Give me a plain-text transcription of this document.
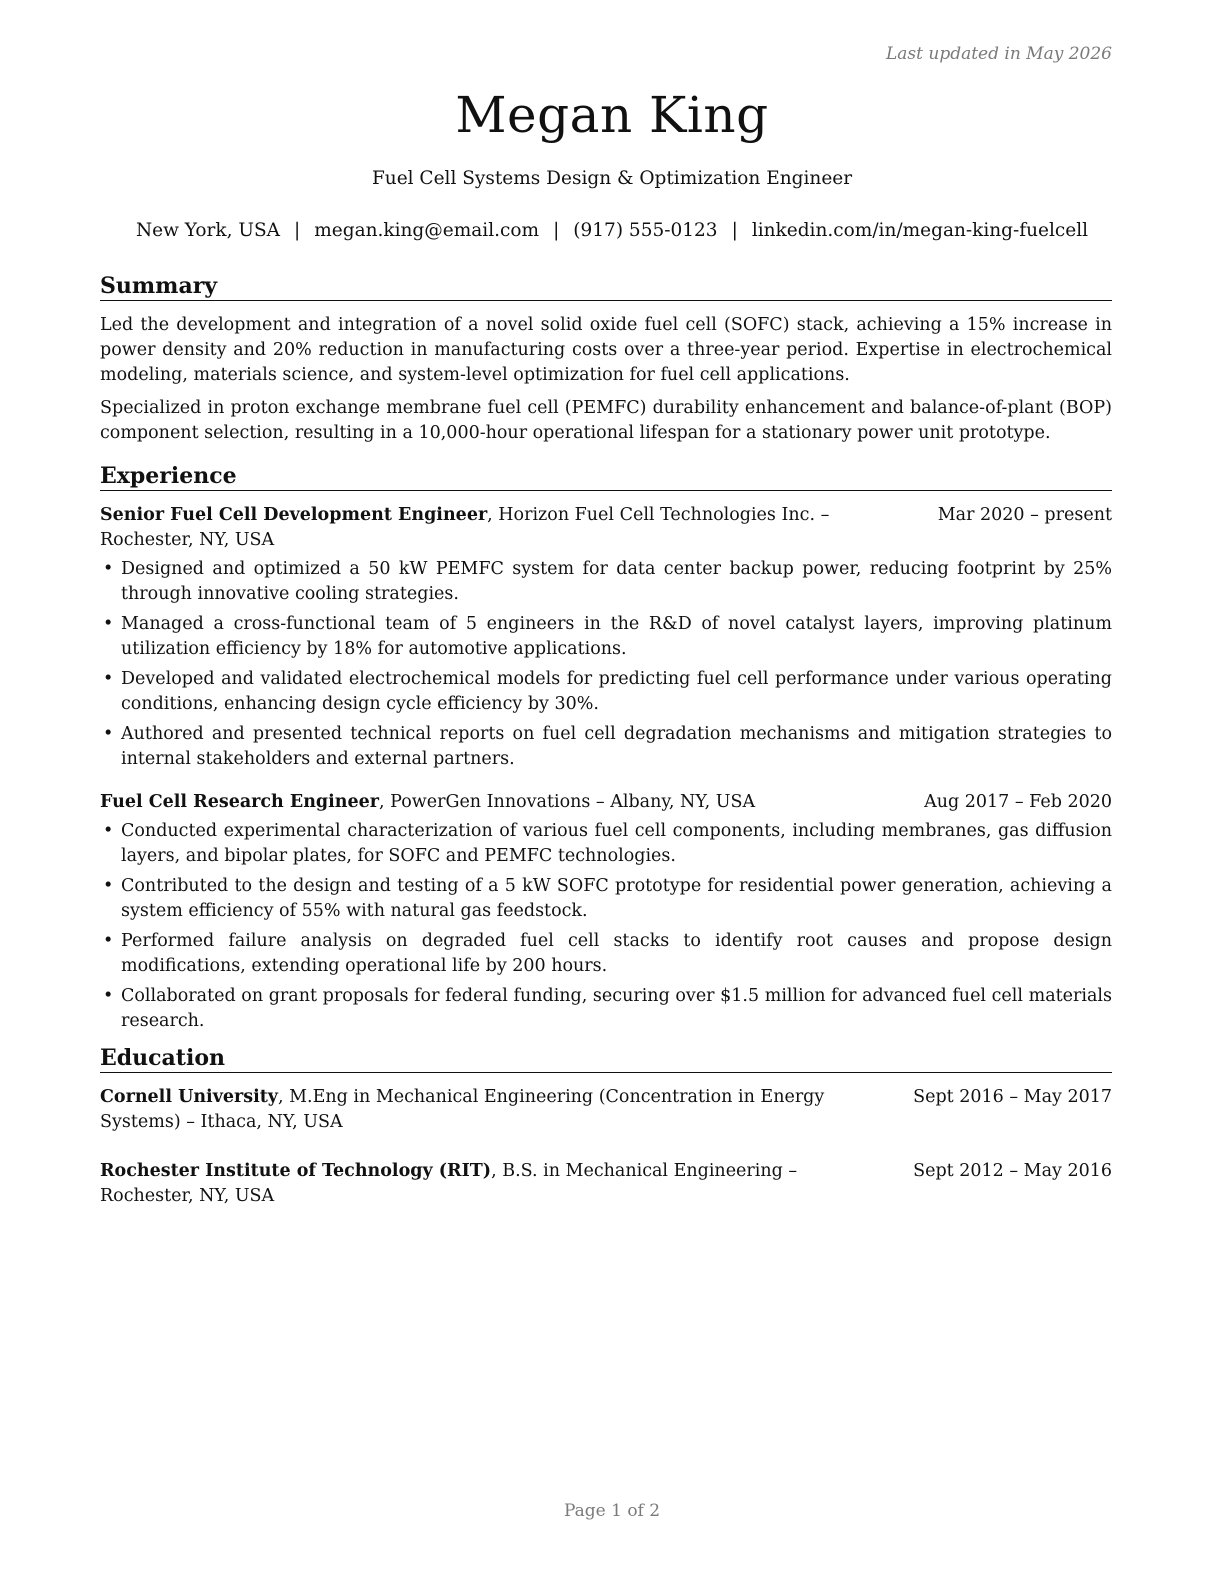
Last updated in May 2026
Megan King
Fuel Cell Systems Design & Optimization Engineer
New York, USA | megan.king@email.com | (917) 555-0123 | linkedin.com/in/megan-king-fuelcell
Summary

Led the development and integration of a novel solid oxide fuel cell (SOFC) stack, achieving a 15% increase in power density and 20% reduction in manufacturing costs over a three-year period. Expertise in electrochemical modeling, materials science, and system-level optimization for fuel cell applications.

Specialized in proton exchange membrane fuel cell (PEMFC) durability enhancement and balance-of-plant (BOP) component selection, resulting in a 10,000-hour operational lifespan for a stationary power unit prototype.

Experience
Senior Fuel Cell Development Engineer, Horizon Fuel Cell Technologies Inc. – Rochester, NY, USA
Mar 2020 – present
• Designed and optimized a 50 kW PEMFC system for data center backup power, reducing footprint by 25% through innovative cooling strategies.
• Managed a cross-functional team of 5 engineers in the R&D of novel catalyst layers, improving platinum utilization efficiency by 18% for automotive applications.
• Developed and validated electrochemical models for predicting fuel cell performance under various operating conditions, enhancing design cycle efficiency by 30%.
• Authored and presented technical reports on fuel cell degradation mechanisms and mitigation strategies to internal stakeholders and external partners.
Fuel Cell Research Engineer, PowerGen Innovations – Albany, NY, USA	Aug 2017 – Feb 2020
• Conducted experimental characterization of various fuel cell components, including membranes, gas diffusion layers, and bipolar plates, for SOFC and PEMFC technologies.
• Contributed to the design and testing of a 5 kW SOFC prototype for residential power generation, achieving a system efficiency of 55% with natural gas feedstock.
• Performed failure analysis on degraded fuel cell stacks to identify root causes and propose design modifications, extending operational life by 200 hours.
• Collaborated on grant proposals for federal funding, securing over $1.5 million for advanced fuel cell materials research.
Education
Cornell University, M.Eng in Mechanical Engineering (Concentration in Energy Systems) – Ithaca, NY, USA
Sept 2016 – May 2017
Rochester Institute of Technology (RIT), B.S. in Mechanical Engineering – Rochester, NY, USA
Sept 2012 – May 2016
Page 1 of 2
